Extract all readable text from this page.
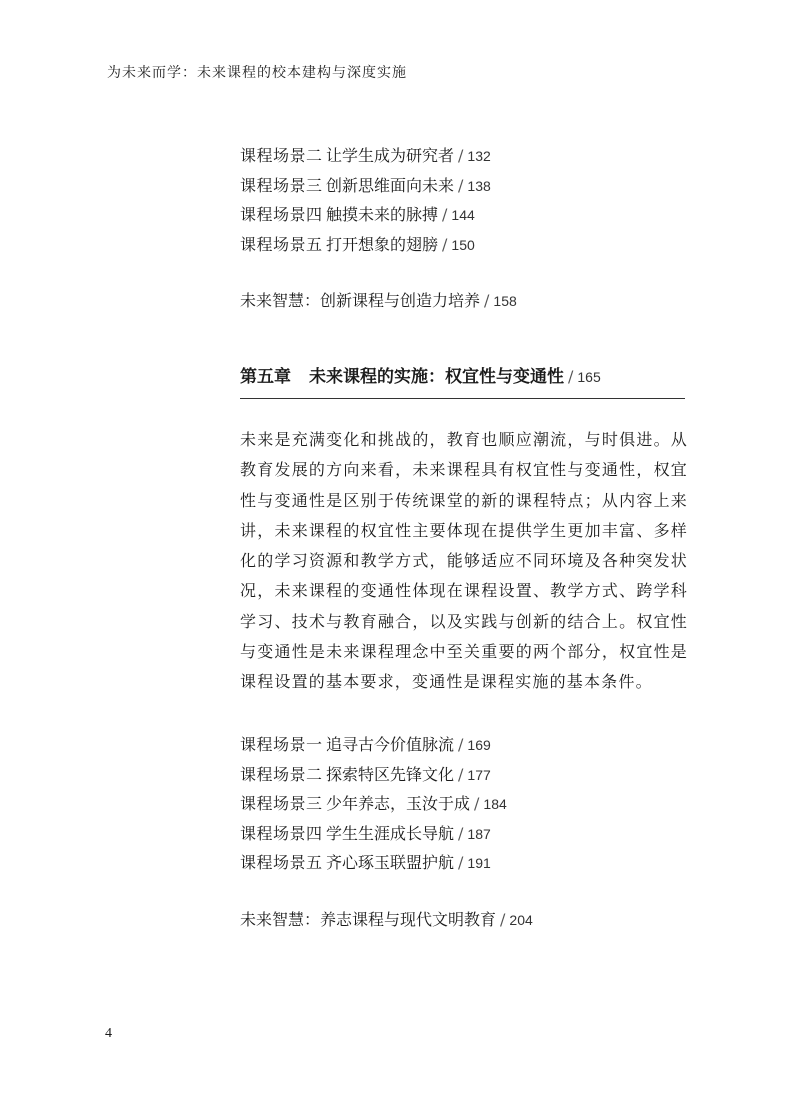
为未来而学：未来课程的校本建构与深度实施
课程场景二 让学生成为研究者 / 132
课程场景三 创新思维面向未来 / 138
课程场景四 触摸未来的脉搏 / 144
课程场景五 打开想象的翅膀 / 150
未来智慧：创新课程与创造力培养 / 158
第五章 未来课程的实施：权宜性与变通性 / 165

未来是充满变化和挑战的，教育也顺应潮流，与时俱进。从教育发展的方向来看，未来课程具有权宜性与变通性，权宜性与变通性是区别于传统课堂的新的课程特点；从内容上来讲，未来课程的权宜性主要体现在提供学生更加丰富、多样化的学习资源和教学方式，能够适应不同环境及各种突发状况，未来课程的变通性体现在课程设置、教学方式、跨学科学习、技术与教育融合，以及实践与创新的结合上。权宜性与变通性是未来课程理念中至关重要的两个部分，权宜性是课程设置的基本要求，变通性是课程实施的基本条件。

课程场景一 追寻古今价值脉流 / 169
课程场景二 探索特区先锋文化 / 177
课程场景三 少年养志，玉汝于成 / 184
课程场景四 学生生涯成长导航 / 187
课程场景五 齐心琢玉联盟护航 / 191
未来智慧：养志课程与现代文明教育 / 204
4
